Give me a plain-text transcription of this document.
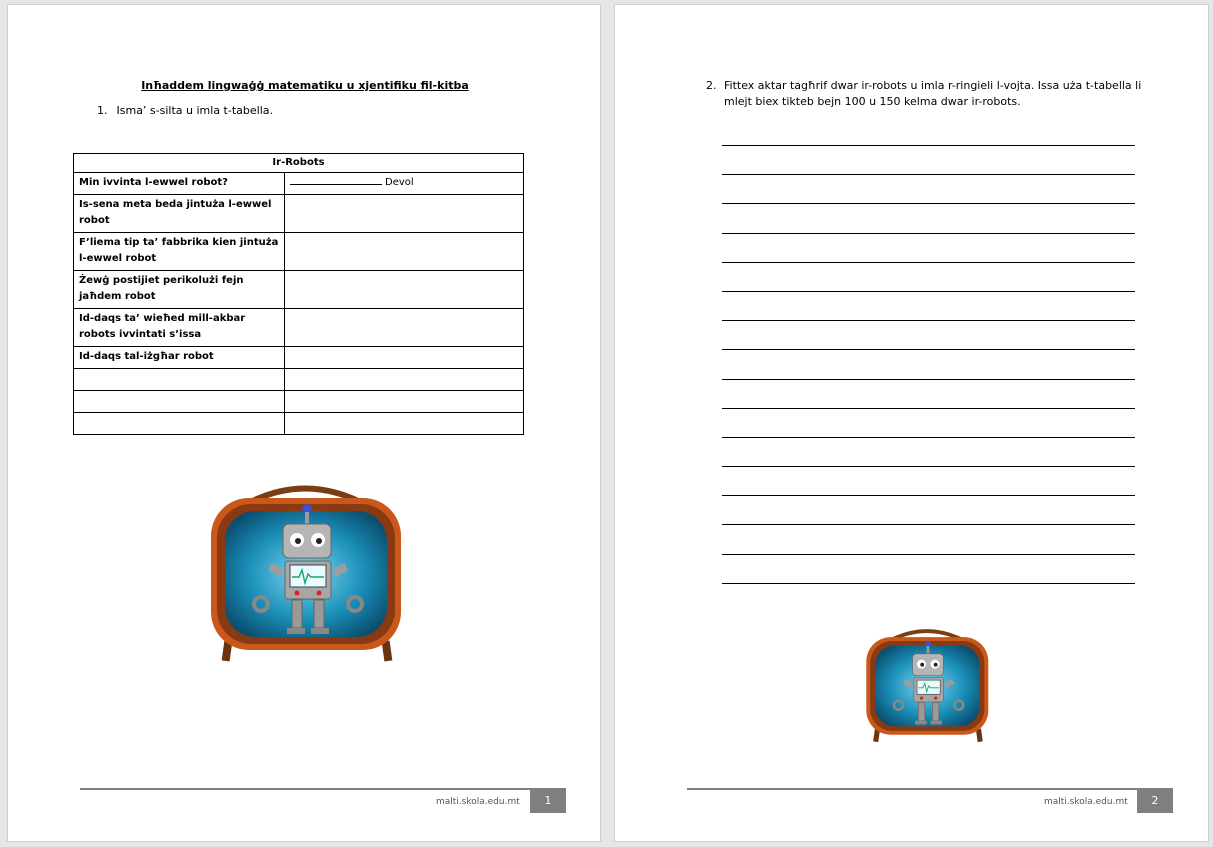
Inħaddem lingwaġġ matematiku u xjentifiku fil-kitba
1. Isma’ s-silta u imla t-tabella.
Ir-Robots	
Min ivvinta l-ewwel robot?	Devol
Is-sena meta beda jintuża l-ewwel robot	
F’liema tip ta’ fabbrika kien jintuża l-ewwel robot	
Żewġ postijiet perikolużi fejn jaħdem robot	
Id-daqs ta’ wieħed mill-akbar robots ivvintati s’issa	
Id-daqs tal-iżgħar robot	

malti.skola.edu.mt	1
2. Fittex aktar tagħrif dwar ir-robots u imla r-ringieli l-vojta. Issa uża t-tabella li mlejt biex tikteb bejn 100 u 150 kelma dwar ir-robots.
malti.skola.edu.mt	2
